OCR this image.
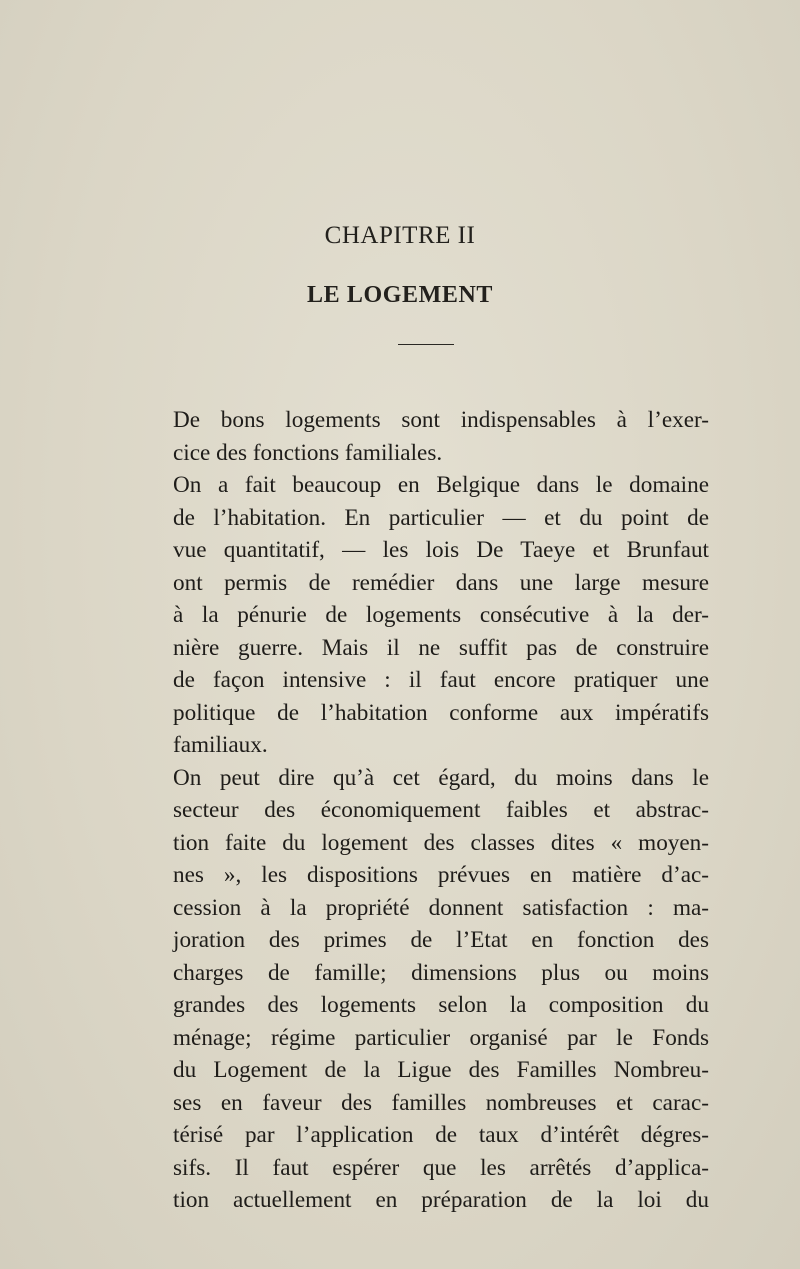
CHAPITRE II
LE LOGEMENT
De bons logements sont indispensables à l’exer-
cice des fonctions familiales.
On a fait beaucoup en Belgique dans le domaine
de l’habitation. En particulier — et du point de
vue quantitatif, — les lois De Taeye et Brunfaut
ont permis de remédier dans une large mesure
à la pénurie de logements consécutive à la der-
nière guerre. Mais il ne suffit pas de construire
de façon intensive : il faut encore pratiquer une
politique de l’habitation conforme aux impératifs
familiaux.
On peut dire qu’à cet égard, du moins dans le
secteur des économiquement faibles et abstrac-
tion faite du logement des classes dites « moyen-
nes », les dispositions prévues en matière d’ac-
cession à la propriété donnent satisfaction : ma-
joration des primes de l’Etat en fonction des
charges de famille; dimensions plus ou moins
grandes des logements selon la composition du
ménage; régime particulier organisé par le Fonds
du Logement de la Ligue des Familles Nombreu-
ses en faveur des familles nombreuses et carac-
térisé par l’application de taux d’intérêt dégres-
sifs. Il faut espérer que les arrêtés d’applica-
tion actuellement en préparation de la loi du
